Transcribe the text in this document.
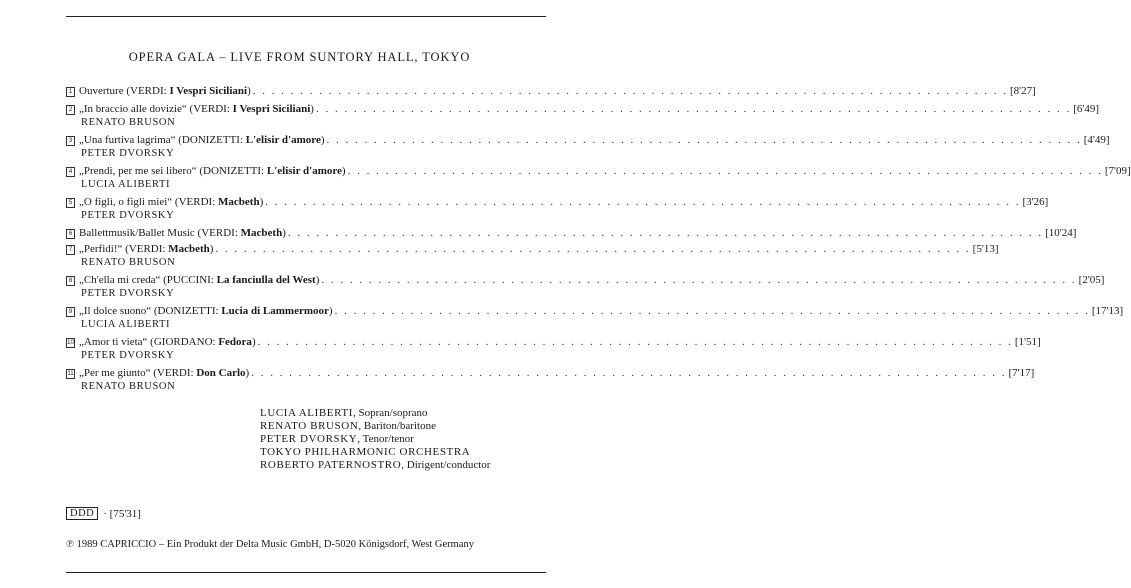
OPERA GALA – LIVE FROM SUNTORY HALL, TOKYO
1 Ouverture (VERDI: I Vespri Siciliani) . . . . . . . . . . . . . . . . . . . . . . . . . . . . . . . . . . . . . . . . . . . . . . . . . . . . . . . . . . . . . . . . . . . . . . . . . . . . . . . . [8'27]
2 „In braccio alle dovizie“ (VERDI: I Vespri Siciliani) . . . . . . . . . . . . . . . . . . . . . . . . . . . . . . . . . . . . . . . . . . . . . . . . . . . . . . . . . . . . . . . . . . . . . . . . . . . . . . . . [6'49]
RENATO BRUSON
3 „Una furtiva lagrima“ (DONIZETTI: L'elisir d'amore) . . . . . . . . . . . . . . . . . . . . . . . . . . . . . . . . . . . . . . . . . . . . . . . . . . . . . . . . . . . . . . . . . . . . . . . . . . . . . . . . [4'49]
PETER DVORSKY
4 „Prendi, per me sei libero“ (DONIZETTI: L'elisir d'amore) . . . . . . . . . . . . . . . . . . . . . . . . . . . . . . . . . . . . . . . . . . . . . . . . . . . . . . . . . . . . . . . . . . . . . . . . . . . . . . . . [7'09]
LUCIA ALIBERTI
5 „O figli, o figli miei“ (VERDI: Macbeth) . . . . . . . . . . . . . . . . . . . . . . . . . . . . . . . . . . . . . . . . . . . . . . . . . . . . . . . . . . . . . . . . . . . . . . . . . . . . . . . . [3'26]
PETER DVORSKY
6 Ballettmusik/Ballet Music (VERDI: Macbeth) . . . . . . . . . . . . . . . . . . . . . . . . . . . . . . . . . . . . . . . . . . . . . . . . . . . . . . . . . . . . . . . . . . . . . . . . . . . . . . . . [10'24]
7 „Perfidi!“ (VERDI: Macbeth) . . . . . . . . . . . . . . . . . . . . . . . . . . . . . . . . . . . . . . . . . . . . . . . . . . . . . . . . . . . . . . . . . . . . . . . . . . . . . . . . [5'13]
RENATO BRUSON
8 „Ch'ella mi creda“ (PUCCINI: La fanciulla del West) . . . . . . . . . . . . . . . . . . . . . . . . . . . . . . . . . . . . . . . . . . . . . . . . . . . . . . . . . . . . . . . . . . . . . . . . . . . . . . . . [2'05]
PETER DVORSKY
9 „Il dolce suono“ (DONIZETTI: Lucia di Lammermoor) . . . . . . . . . . . . . . . . . . . . . . . . . . . . . . . . . . . . . . . . . . . . . . . . . . . . . . . . . . . . . . . . . . . . . . . . . . . . . . . . [17'13]
LUCIA ALIBERTI
10 „Amor ti vieta“ (GIORDANO: Fedora) . . . . . . . . . . . . . . . . . . . . . . . . . . . . . . . . . . . . . . . . . . . . . . . . . . . . . . . . . . . . . . . . . . . . . . . . . . . . . . . . [1'51]
PETER DVORSKY
11 „Per me giunto“ (VERDI: Don Carlo) . . . . . . . . . . . . . . . . . . . . . . . . . . . . . . . . . . . . . . . . . . . . . . . . . . . . . . . . . . . . . . . . . . . . . . . . . . . . . . . . [7'17]
RENATO BRUSON
LUCIA ALIBERTI, Sopran/soprano
RENATO BRUSON, Bariton/baritone
PETER DVORSKY, Tenor/tenor
TOKYO PHILHARMONIC ORCHESTRA
ROBERTO PATERNOSTRO, Dirigent/conductor
DDD · [75'31]
℗ 1989 CAPRICCIO – Ein Produkt der Delta Music GmbH, D-5020 Königsdorf, West Germany
